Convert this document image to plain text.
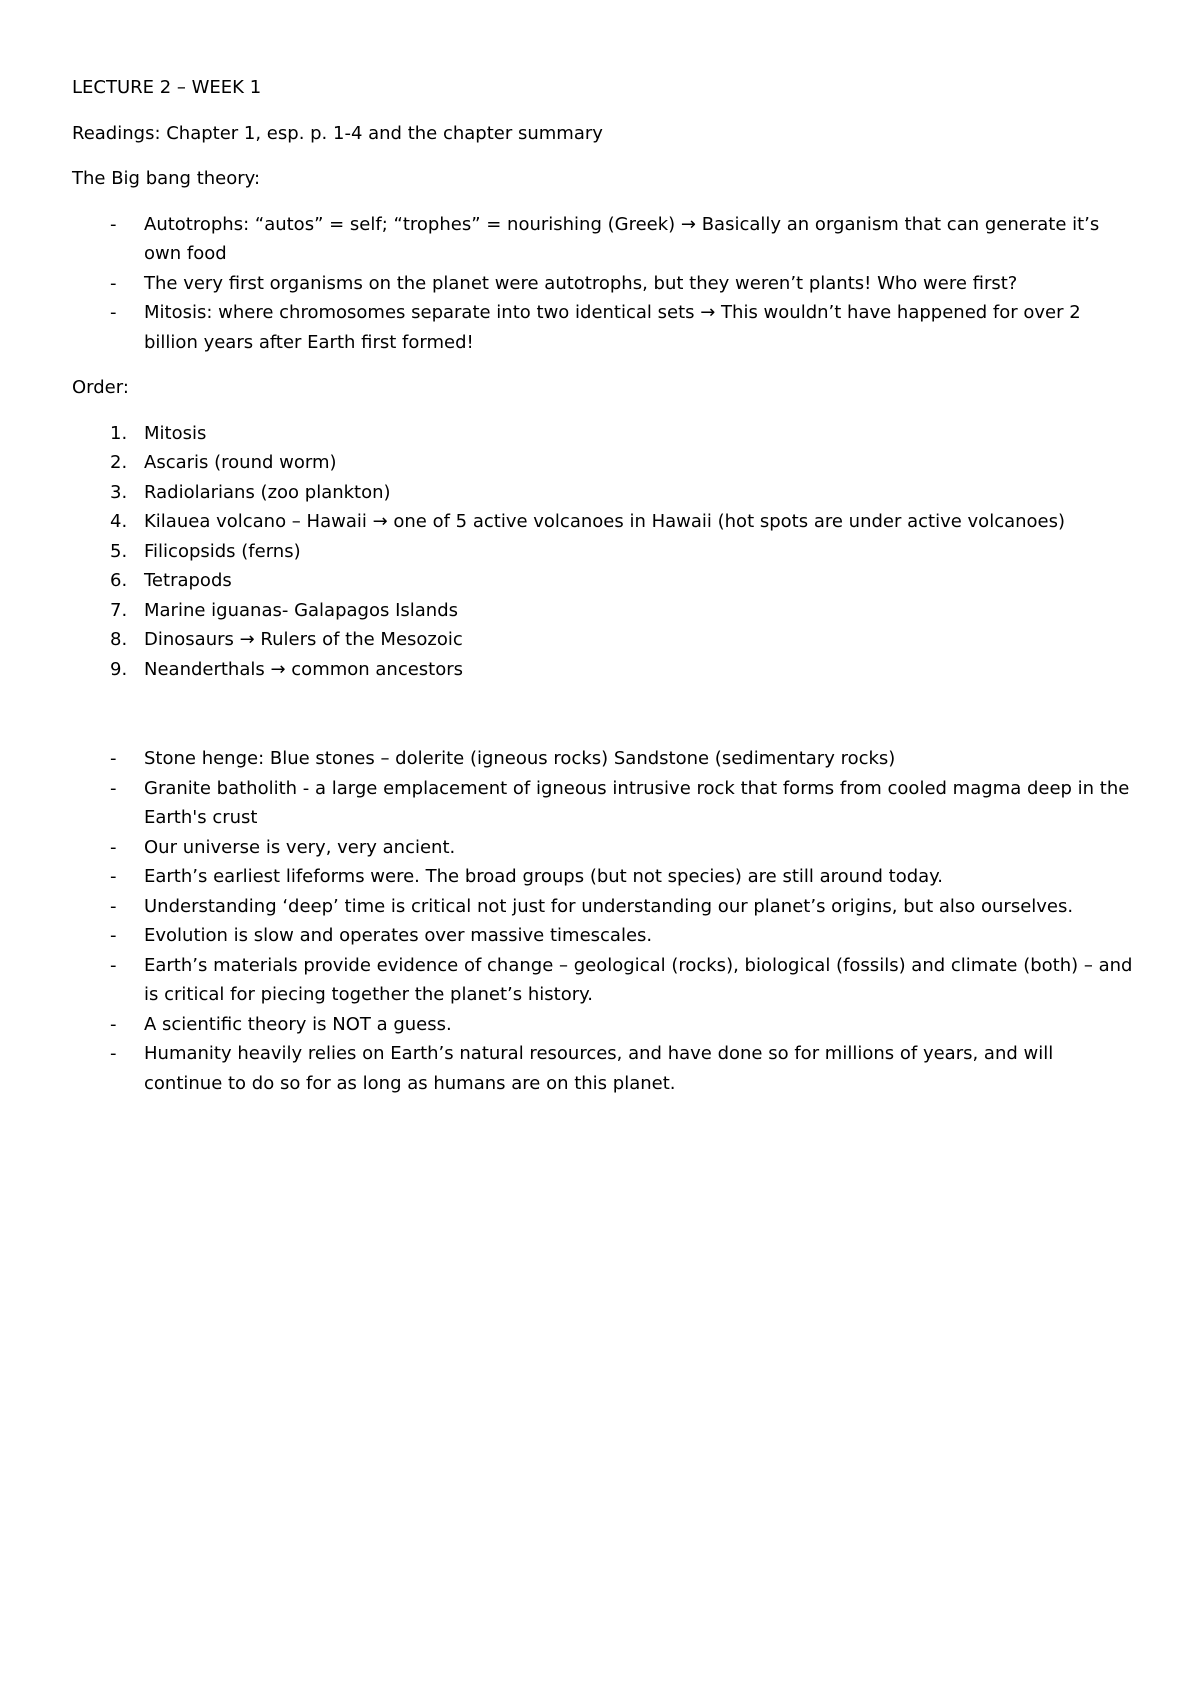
LECTURE 2 – WEEK 1

Readings: Chapter 1, esp. p. 1-4 and the chapter summary

The Big bang theory:

- Autotrophs: “autos” = self; “trophes” = nourishing (Greek) → Basically an organism that can generate it’s own food
- The very first organisms on the planet were autotrophs, but they weren’t plants! Who were first?
- Mitosis: where chromosomes separate into two identical sets → This wouldn’t have happened for over 2 billion years after Earth first formed!

Order:

1. Mitosis
2. Ascaris (round worm)
3. Radiolarians (zoo plankton)
4. Kilauea volcano – Hawaii → one of 5 active volcanoes in Hawaii (hot spots are under active volcanoes)
5. Filicopsids (ferns)
6. Tetrapods
7. Marine iguanas- Galapagos Islands
8. Dinosaurs → Rulers of the Mesozoic
9. Neanderthals → common ancestors
- Stone henge: Blue stones – dolerite (igneous rocks) Sandstone (sedimentary rocks)
- Granite batholith - a large emplacement of igneous intrusive rock that forms from cooled magma deep in the Earth's crust
- Our universe is very, very ancient.
- Earth’s earliest lifeforms were. The broad groups (but not species) are still around today.
- Understanding ‘deep’ time is critical not just for understanding our planet’s origins, but also ourselves.
- Evolution is slow and operates over massive timescales.
- Earth’s materials provide evidence of change – geological (rocks), biological (fossils) and climate (both) – and is critical for piecing together the planet’s history.
- A scientific theory is NOT a guess.
- Humanity heavily relies on Earth’s natural resources, and have done so for millions of years, and will continue to do so for as long as humans are on this planet.
